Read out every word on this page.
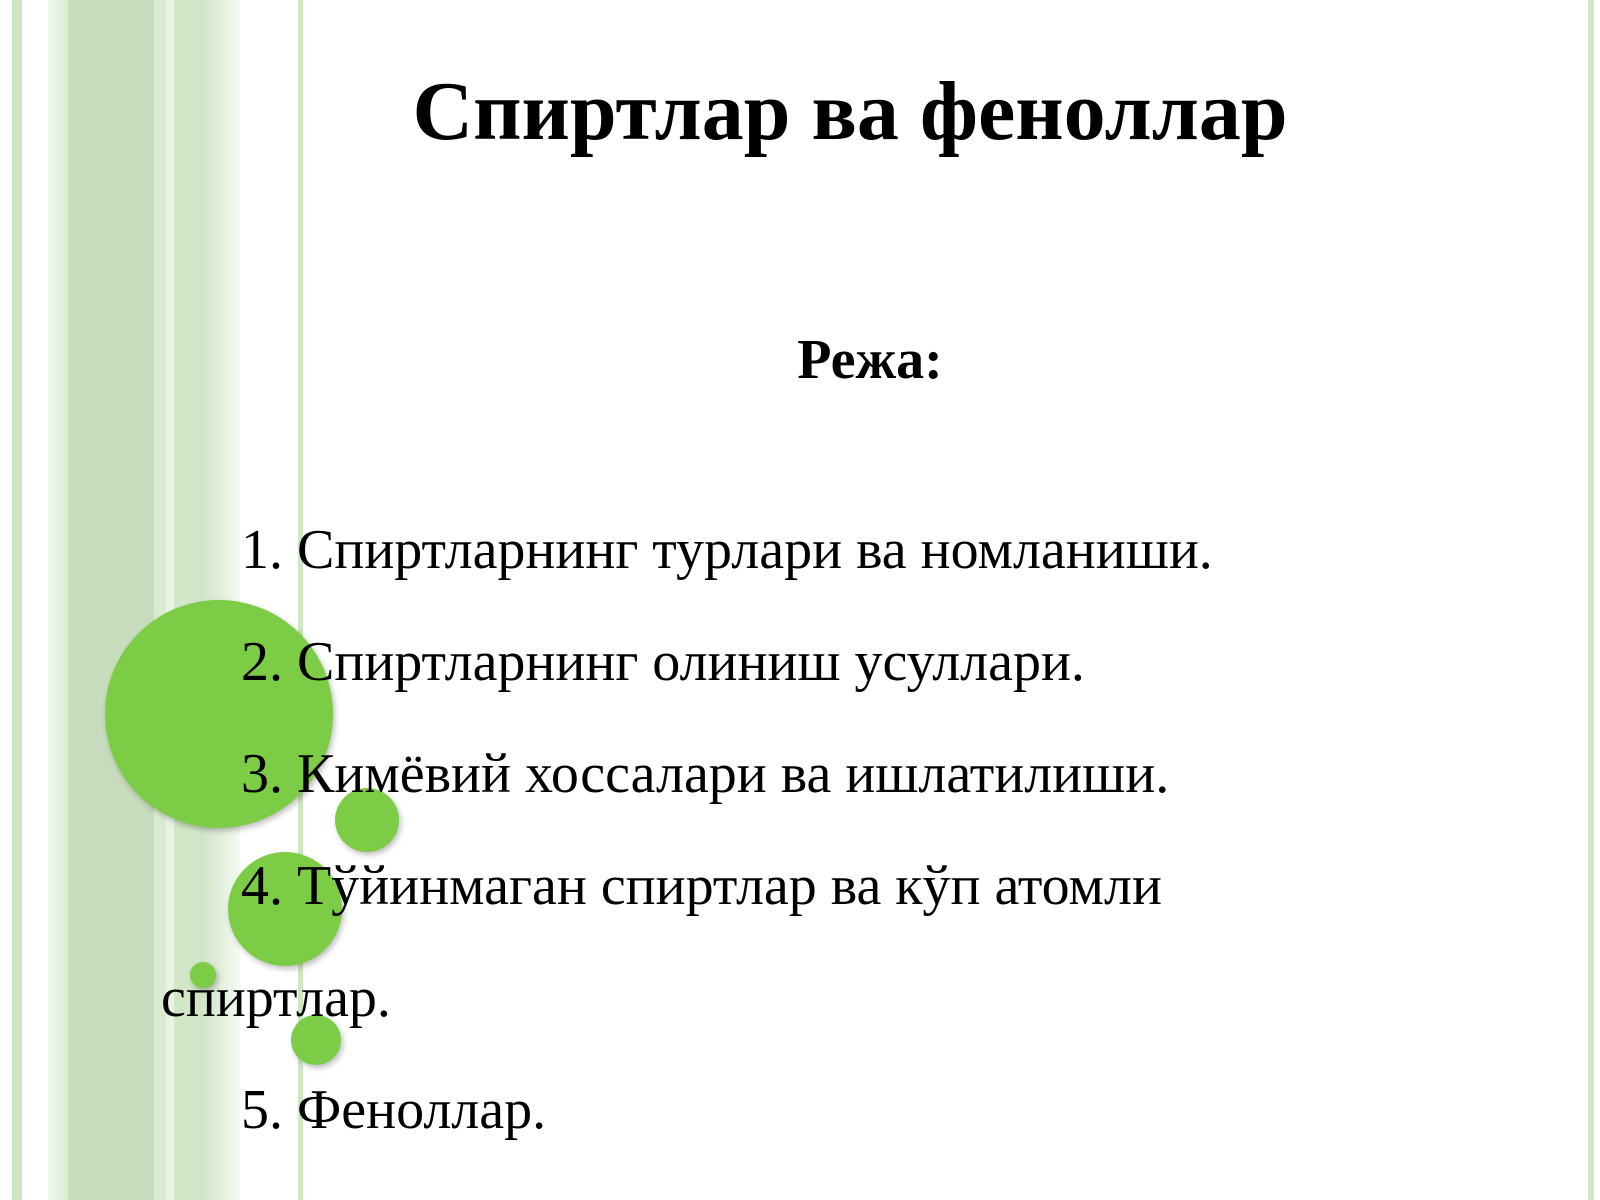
Спиртлар ва феноллар
Режа:

1. Спиртларнинг турлари ва номланиши.

2. Спиртларнинг олиниш усуллари.

3. Кимёвий хоссалари ва ишлатилиши.

4. Тўйинмаган спиртлар ва кўп атомли

спиртлар.

5. Феноллар.
